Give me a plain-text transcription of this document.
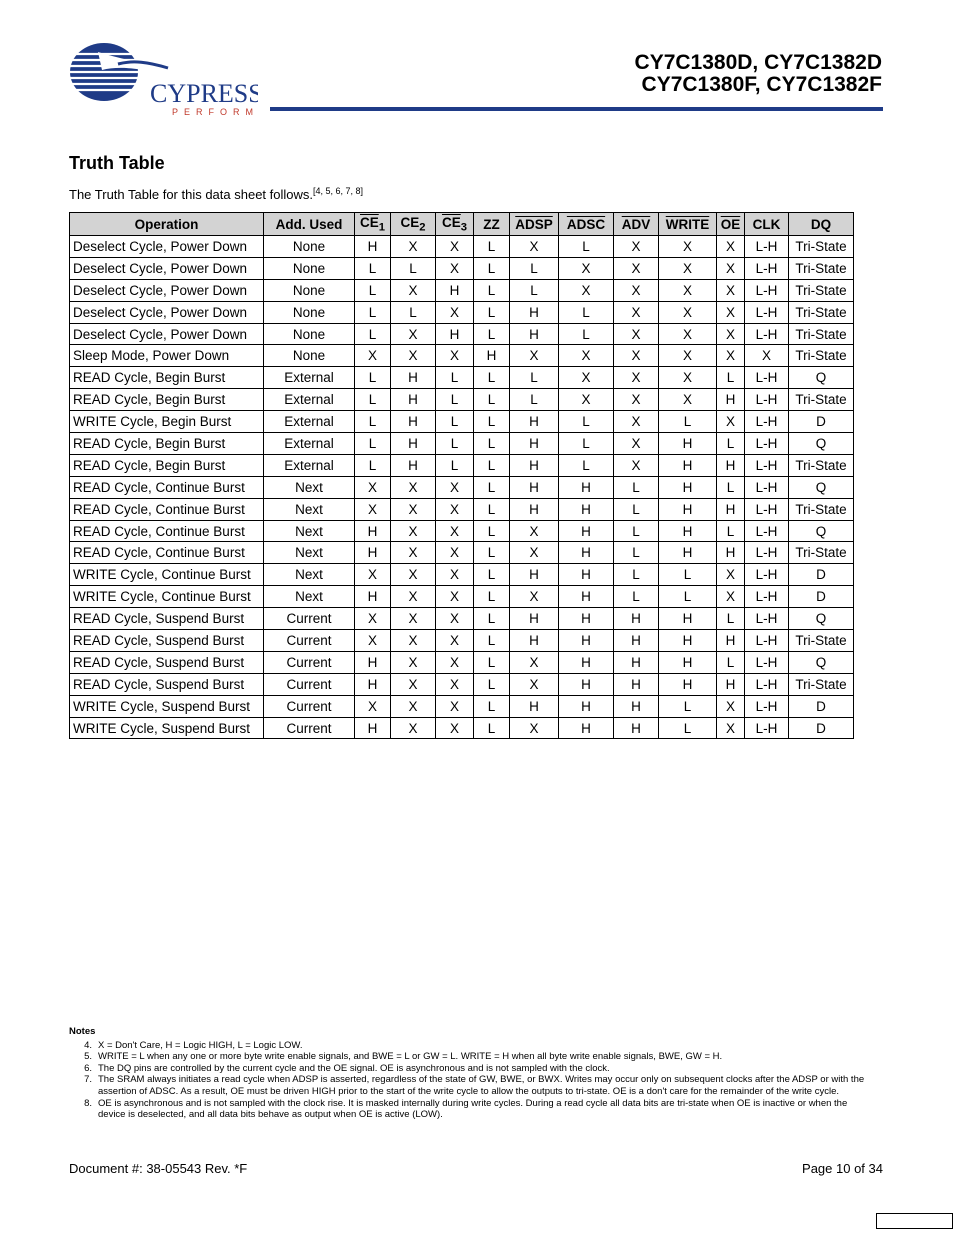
CYPRESS
PERFORM
CY7C1380D, CY7C1382D
CY7C1380F, CY7C1382F
Truth Table
The Truth Table for this data sheet follows.[4, 5, 6, 7, 8]
Operation	Add. Used	$\overline{CE}_1$	$CE_2$	$\overline{CE}_3$	ZZ	ADSP	ADSC	$\overline{ADV}$	WRITE	$\overline{OE}$	CLK	DQ
Deselect Cycle, Power Down	None	H	X	X	L	X	L	X	X	X	L-H	Tri-State
Deselect Cycle, Power Down	None	L	L	X	L	L	X	X	X	X	L-H	Tri-State
Deselect Cycle, Power Down	None	L	X	H	L	L	X	X	X	X	L-H	Tri-State
Deselect Cycle, Power Down	None	L	L	X	L	H	L	X	X	X	L-H	Tri-State
Deselect Cycle, Power Down	None	L	X	H	L	H	L	X	X	X	L-H	Tri-State
Sleep Mode, Power Down	None	X	X	X	H	X	X	X	X	X	X	Tri-State
READ Cycle, Begin Burst	External	L	H	L	L	L	X	X	X	L	L-H	Q
READ Cycle, Begin Burst	External	L	H	L	L	L	X	X	X	H	L-H	Tri-State
WRITE Cycle, Begin Burst	External	L	H	L	L	H	L	X	L	X	L-H	D
READ Cycle, Begin Burst	External	L	H	L	L	H	L	X	H	L	L-H	Q
READ Cycle, Begin Burst	External	L	H	L	L	H	L	X	H	H	L-H	Tri-State
READ Cycle, Continue Burst	Next	X	X	X	L	H	H	L	H	L	L-H	Q
READ Cycle, Continue Burst	Next	X	X	X	L	H	H	L	H	H	L-H	Tri-State
READ Cycle, Continue Burst	Next	H	X	X	L	X	H	L	H	L	L-H	Q
READ Cycle, Continue Burst	Next	H	X	X	L	X	H	L	H	H	L-H	Tri-State
WRITE Cycle, Continue Burst	Next	X	X	X	L	H	H	L	L	X	L-H	D
WRITE Cycle, Continue Burst	Next	H	X	X	L	X	H	L	L	X	L-H	D
READ Cycle, Suspend Burst	Current	X	X	X	L	H	H	H	H	L	L-H	Q
READ Cycle, Suspend Burst	Current	X	X	X	L	H	H	H	H	H	L-H	Tri-State
READ Cycle, Suspend Burst	Current	H	X	X	L	X	H	H	H	L	L-H	Q
READ Cycle, Suspend Burst	Current	H	X	X	L	X	H	H	H	H	L-H	Tri-State
WRITE Cycle, Suspend Burst	Current	X	X	X	L	H	H	H	L	X	L-H	D
WRITE Cycle, Suspend Burst	Current	H	X	X	L	X	H	H	L	X	L-H	D
Notes
4. X = Don't Care, H = Logic HIGH, L = Logic LOW.
5. WRITE = L when any one or more byte write enable signals, and BWE = L or GW = L. WRITE = H when all byte write enable signals, BWE, GW = H.
6. The DQ pins are controlled by the current cycle and the OE signal. OE is asynchronous and is not sampled with the clock.
7. The SRAM always initiates a read cycle when ADSP is asserted, regardless of the state of GW, BWE, or BWX. Writes may occur only on subsequent clocks after the ADSP or with the assertion of ADSC. As a result, OE must be driven HIGH prior to the start of the write cycle to allow the outputs to tri-state. OE is a don't care for the remainder of the write cycle.
8. OE is asynchronous and is not sampled with the clock rise. It is masked internally during write cycles. During a read cycle all data bits are tri-state when OE is inactive or when the device is deselected, and all data bits behave as output when OE is active (LOW).
Document #: 38-05543 Rev. *F	Page 10 of 34
